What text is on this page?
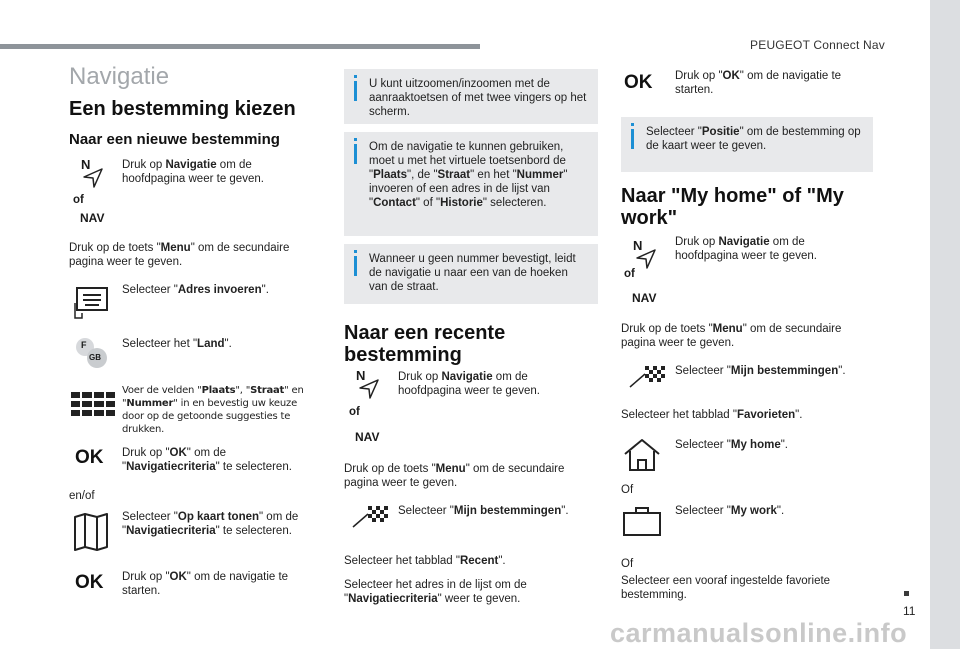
PEUGEOT Connect Nav
11
carmanualsonline.info
Navigatie
Een bestemming kiezen
Naar een nieuwe bestemming
N
of
NAV

Druk op Navigatie om de hoofdpagina weer te geven.

Druk op de toets "Menu" om de secundaire pagina weer te geven.

Selecteer "Adres invoeren".

F
GB

Selecteer het "Land".

Voer de velden "Plaats", "Straat" en "Nummer" in en bevestig uw keuze door op de getoonde suggesties te drukken.

OK Druk op "OK" om de "Navigatiecriteria" te selecteren.

en/of

Selecteer "Op kaart tonen" om de "Navigatiecriteria" te selecteren.

OK Druk op "OK" om de navigatie te starten.

U kunt uitzoomen/inzoomen met de aanraaktoetsen of met twee vingers op het scherm.

Om de navigatie te kunnen gebruiken, moet u met het virtuele toetsenbord de "Plaats", de "Straat" en het "Nummer" invoeren of een adres in de lijst van "Contact" of "Historie" selecteren.

Wanneer u geen nummer bevestigt, leidt de navigatie u naar een van de hoeken van de straat.

Naar een recente bestemming
N
of
NAV

Druk op Navigatie om de hoofdpagina weer te geven.

Druk op de toets "Menu" om de secundaire pagina weer te geven.

Selecteer "Mijn bestemmingen".

Selecteer het tabblad "Recent".

Selecteer het adres in de lijst om de "Navigatiecriteria" weer te geven.

OK Druk op "OK" om de navigatie te starten.

Selecteer "Positie" om de bestemming op de kaart weer te geven.

Naar "My home" of "My work"
N
of
NAV

Druk op Navigatie om de hoofdpagina weer te geven.

Druk op de toets "Menu" om de secundaire pagina weer te geven.

Selecteer "Mijn bestemmingen".

Selecteer het tabblad "Favorieten".

Selecteer "My home".

Of

Selecteer "My work".

Of

Selecteer een vooraf ingestelde favoriete bestemming.
